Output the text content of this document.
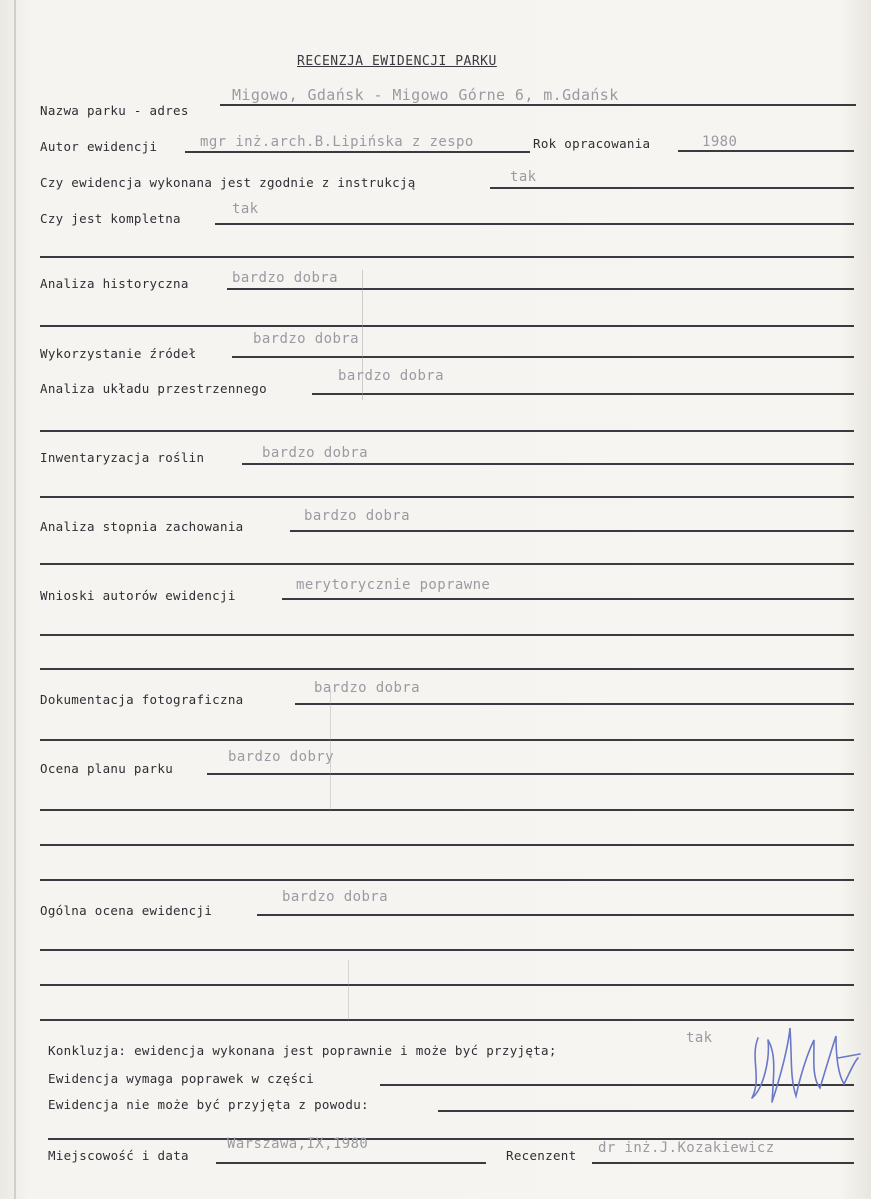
RECENZJA EWIDENCJI PARKU
Nazwa parku - adres
Migowo, Gdańsk - Migowo Górne 6, m.Gdańsk
Autor ewidencji	mgr inż.arch.B.Lipińska z zespo	Rok opracowania	1980
Czy ewidencja wykonana jest zgodnie z instrukcją	tak
Czy jest kompletna
tak
Analiza historyczna	bardzo dobra
Wykorzystanie źródeł
bardzo dobra
Analiza układu przestrzennego
bardzo dobra
Inwentaryzacja roślin	bardzo dobra
Analiza stopnia zachowania
bardzo dobra
Wnioski autorów ewidencji
merytorycznie poprawne
Dokumentacja fotograficzna
bardzo dobra
Ocena planu parku
bardzo dobry
Ogólna ocena ewidencji
bardzo dobra
Konkluzja: ewidencja wykonana jest poprawnie i może być przyjęta;
tak
Ewidencja wymaga poprawek w części
Ewidencja nie może być przyjęta z powodu:
Miejscowość i data
Warszawa,IX,1980
Recenzent dr inż.J.Kozakiewicz
